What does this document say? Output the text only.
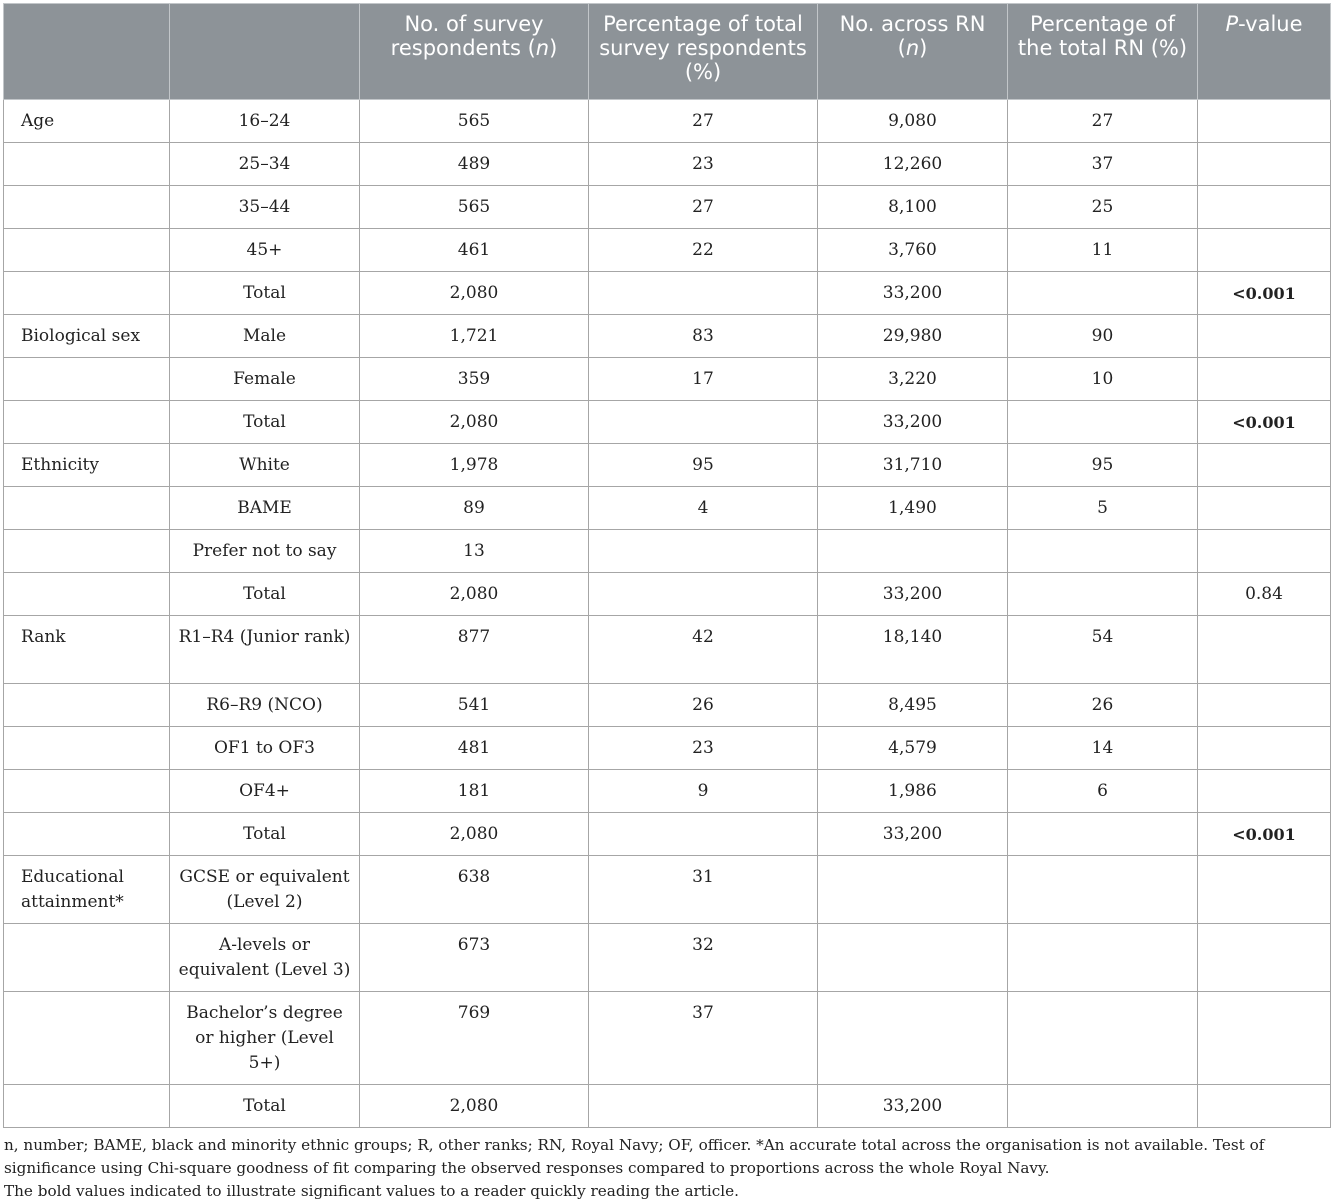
		No. of survey respondents (n)	Percentage of total survey respondents (%)	No. across RN (n)	Percentage of the total RN (%)	P-value
Age	16–24	565	27	9,080	27	
	25–34	489	23	12,260	37	
	35–44	565	27	8,100	25	
	45+	461	22	3,760	11	
	Total	2,080		33,200		<0.001
Biological sex	Male	1,721	83	29,980	90	
	Female	359	17	3,220	10	
	Total	2,080		33,200		<0.001
Ethnicity	White	1,978	95	31,710	95	
	BAME	89	4	1,490	5	
	Prefer not to say	13				
	Total	2,080		33,200		0.84
Rank	R1–R4 (Junior rank)	877	42	18,140	54	
	R6–R9 (NCO)	541	26	8,495	26	
	OF1 to OF3	481	23	4,579	14	
	OF4+	181	9	1,986	6	
	Total	2,080		33,200		<0.001
Educational attainment*	GCSE or equivalent (Level 2)	638	31			
	A-levels or equivalent (Level 3)	673	32			
	Bachelor’s degree or higher (Level 5+)	769	37			
	Total	2,080		33,200		

n, number; BAME, black and minority ethnic groups; R, other ranks; RN, Royal Navy; OF, officer. *An accurate total across the organisation is not available. Test of significance using Chi-square goodness of fit comparing the observed responses compared to proportions across the whole Royal Navy.

The bold values indicated to illustrate significant values to a reader quickly reading the article.
